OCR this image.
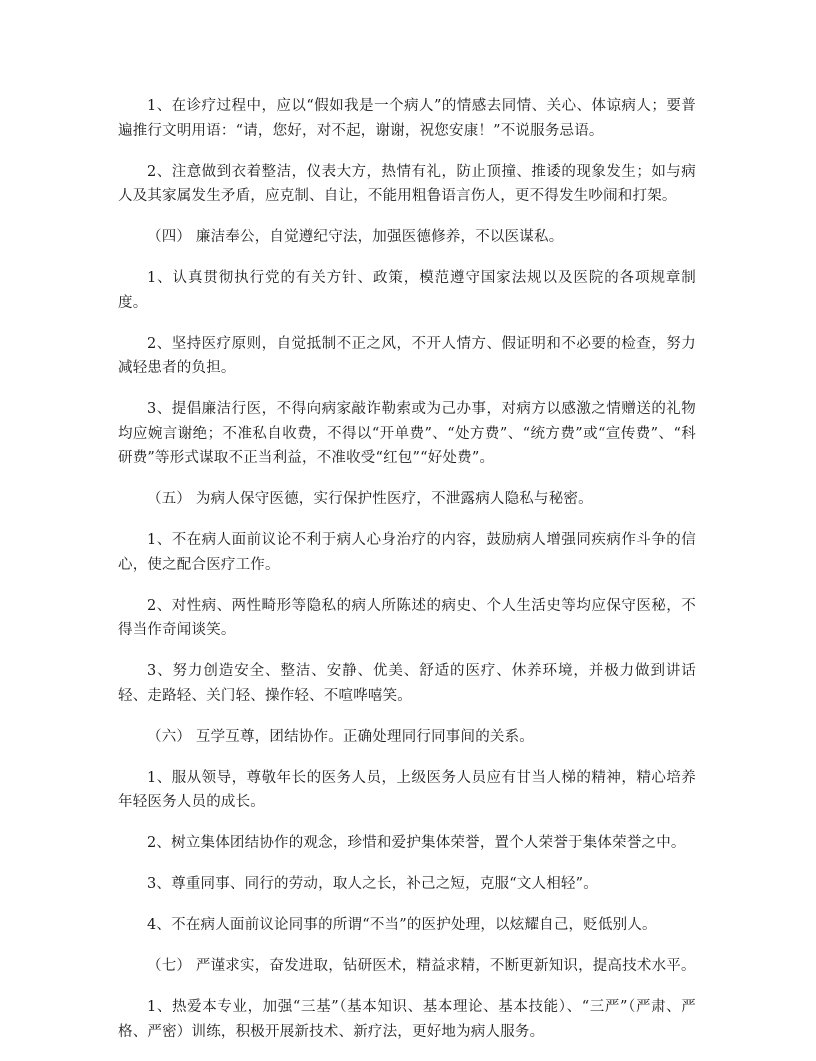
1、在诊疗过程中，应以“假如我是一个病人”的情感去同情、关心、体谅病人；要普遍推行文明用语：“请，您好，对不起，谢谢，祝您安康！”不说服务忌语。

2、注意做到衣着整洁，仪表大方，热情有礼，防止顶撞、推诿的现象发生；如与病人及其家属发生矛盾，应克制、自让，不能用粗鲁语言伤人，更不得发生吵闹和打架。

（四） 廉洁奉公，自觉遵纪守法，加强医德修养，不以医谋私。

1、认真贯彻执行党的有关方针、政策，模范遵守国家法规以及医院的各项规章制度。

2、坚持医疗原则，自觉抵制不正之风，不开人情方、假证明和不必要的检查，努力减轻患者的负担。

3、提倡廉洁行医，不得向病家敲诈勒索或为己办事，对病方以感激之情赠送的礼物均应婉言谢绝；不准私自收费，不得以“开单费”、“处方费”、“统方费”或“宣传费”、“科研费”等形式谋取不正当利益，不准收受“红包”“好处费”。

（五） 为病人保守医德，实行保护性医疗，不泄露病人隐私与秘密。

1、不在病人面前议论不利于病人心身治疗的内容，鼓励病人增强同疾病作斗争的信心，使之配合医疗工作。

2、对性病、两性畸形等隐私的病人所陈述的病史、个人生活史等均应保守医秘，不得当作奇闻谈笑。

3、努力创造安全、整洁、安静、优美、舒适的医疗、休养环境，并极力做到讲话轻、走路轻、关门轻、操作轻、不喧哗嘻笑。

（六） 互学互尊，团结协作。正确处理同行同事间的关系。

1、服从领导，尊敬年长的医务人员，上级医务人员应有甘当人梯的精神，精心培养年轻医务人员的成长。

2、树立集体团结协作的观念，珍惜和爱护集体荣誉，置个人荣誉于集体荣誉之中。

3、尊重同事、同行的劳动，取人之长，补己之短，克服“文人相轻”。

4、不在病人面前议论同事的所谓“不当”的医护处理，以炫耀自己，贬低别人。

（七） 严谨求实，奋发进取，钻研医术，精益求精，不断更新知识，提高技术水平。

1、热爱本专业，加强“三基”（基本知识、基本理论、基本技能）、“三严”（严肃、严格、严密）训练，积极开展新技术、新疗法，更好地为病人服务。
